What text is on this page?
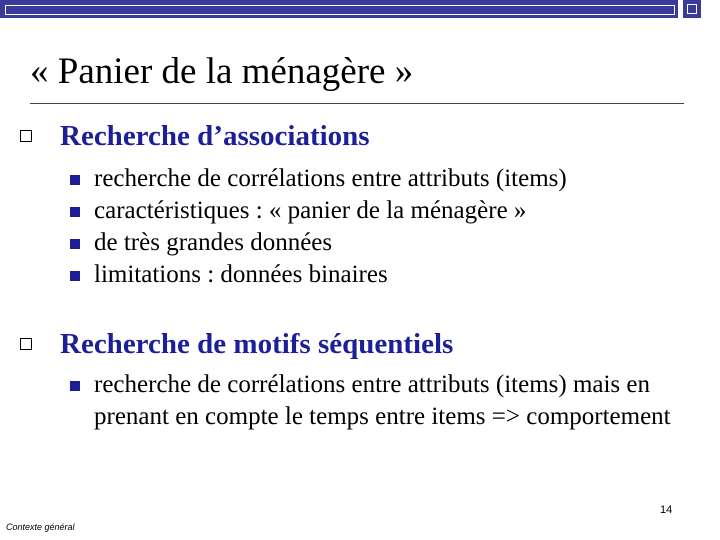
« Panier de la ménagère »
Recherche d’associations
recherche de corrélations entre attributs (items)
caractéristiques : « panier de la ménagère »
de très grandes données
limitations : données binaires
Recherche de motifs séquentiels
recherche de corrélations entre attributs (items) mais en prenant en compte le temps entre items => comportement
14
Contexte général
